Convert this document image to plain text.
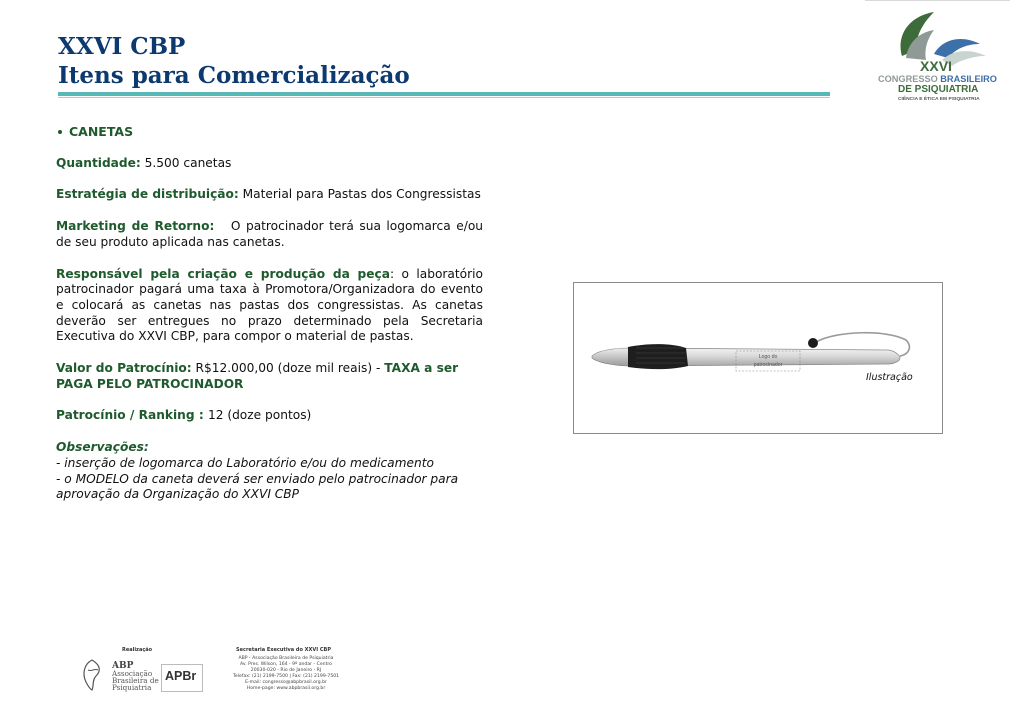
XXVI CBP
Itens para Comercialização	XXVI
CONGRESSO BRASILEIRO
DE PSIQUIATRIA
CIÊNCIA E ÉTICA EM PSIQUIATRIA

CANETAS

Quantidade: 5.500 canetas

Estratégia de distribuição: Material para Pastas dos Congressistas

Marketing de Retorno:   O patrocinador terá sua logomarca e/ou de seu produto aplicada nas canetas.

Responsável pela criação e produção da peça: o laboratório patrocinador pagará uma taxa à Promotora/Organizadora do evento e colocará as canetas nas pastas dos congressistas. As canetas deverão ser entregues no prazo determinado pela Secretaria Executiva do XXVI CBP, para compor o material de pastas.

Valor do Patrocínio: R$12.000,00 (doze mil reais) - TAXA a ser PAGA PELO PATROCINADOR

Patrocínio / Ranking : 12 (doze pontos)

Observações:

- inserção de logomarca do Laboratório e/ou do medicamento

- o MODELO da caneta deverá ser enviado pelo patrocinador para aprovação da Organização do XXVI CBP

Logo do
patrocinador
Ilustração
Realização
ABP
Associação
Brasileira de
Psiquiatria
APBr
Secretaria Executiva do XXVI CBP
ABP - Associação Brasileira de Psiquiatria
Av. Pres. Wilson, 164 - 9º andar - Centro
20030-020 - Rio de Janeiro - RJ
Telefax: (21) 2199-7500 | Fax: (21) 2199-7501
E-mail: congresso@abpbrasil.org.br
Home-page: www.abpbrasil.org.br
